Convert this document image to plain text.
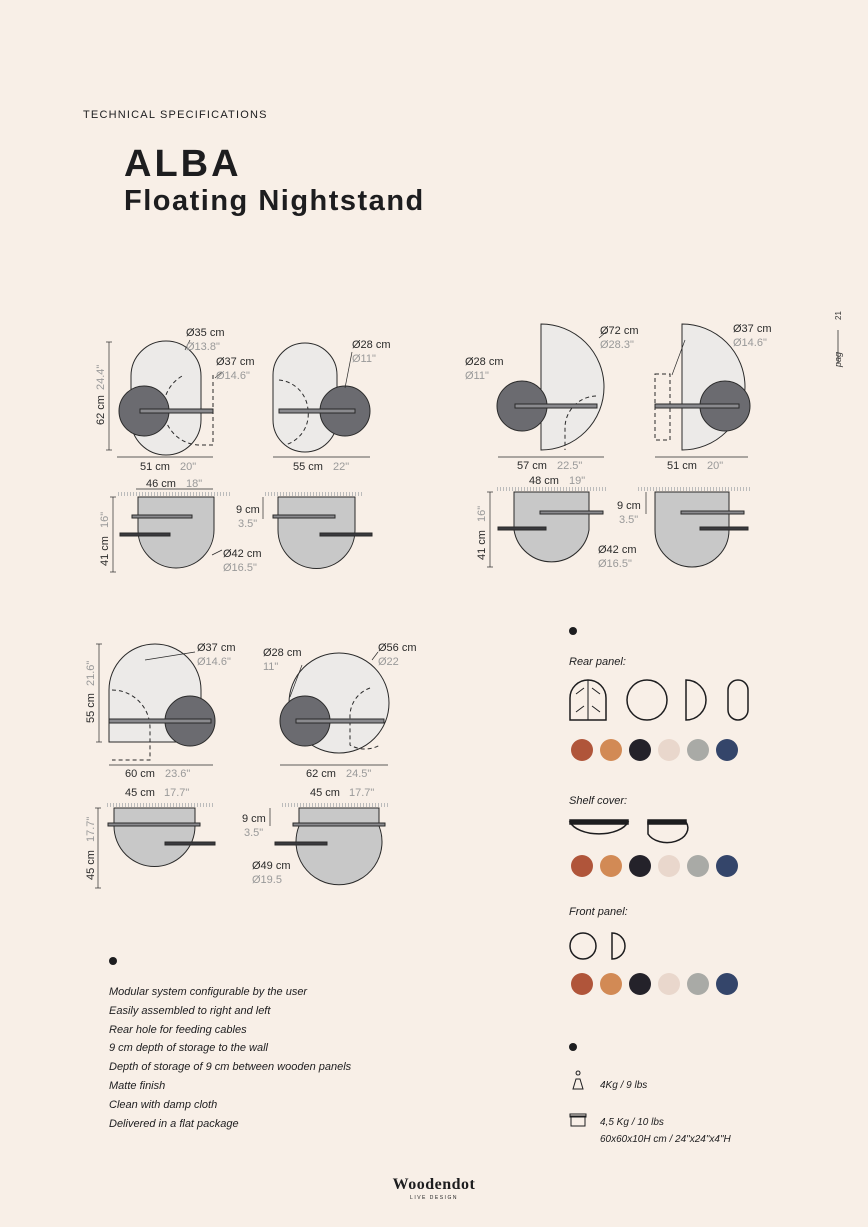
TECHNICAL SPECIFICATIONS
ALBA
Floating Nightstand
pag
21
Ø35 cm
Ø13.8"
Ø37 cm
Ø14.6"
62 cm
24.4"
51 cm 20"
Ø28 cm
Ø11"
55 cm 22"
46 cm 18"
9 cm
3.5"
41 cm
16"
Ø42 cm
Ø16.5"
Ø72 cm
Ø28.3"
Ø28 cm
Ø11"
Ø37 cm
Ø14.6"
57 cm 22.5"	51 cm 20"
48 cm 19"
9 cm
3.5"
41 cm
16"
Ø42 cm
Ø16.5"
Ø37 cm
Ø14.6"
55 cm
21.6"
60 cm 23.6"
Ø28 cm
11"
Ø56 cm
Ø22
62 cm 24.5"
45 cm 17.7"	45 cm 17.7"
45 cm
17.7"	9 cm
3.5"
Ø49 cm
Ø19.5
Rear panel:
Shelf cover:
Front panel:
4Kg / 9 lbs
4,5 Kg / 10 lbs
60x60x10H cm / 24"x24"x4"H
Modular system configurable by the user
Easily assembled to right and left
Rear hole for feeding cables
9 cm depth of storage to the wall
Depth of storage of 9 cm between wooden panels
Matte finish
Clean with damp cloth
Delivered in a flat package
Woodendot
LIVE DESIGN
